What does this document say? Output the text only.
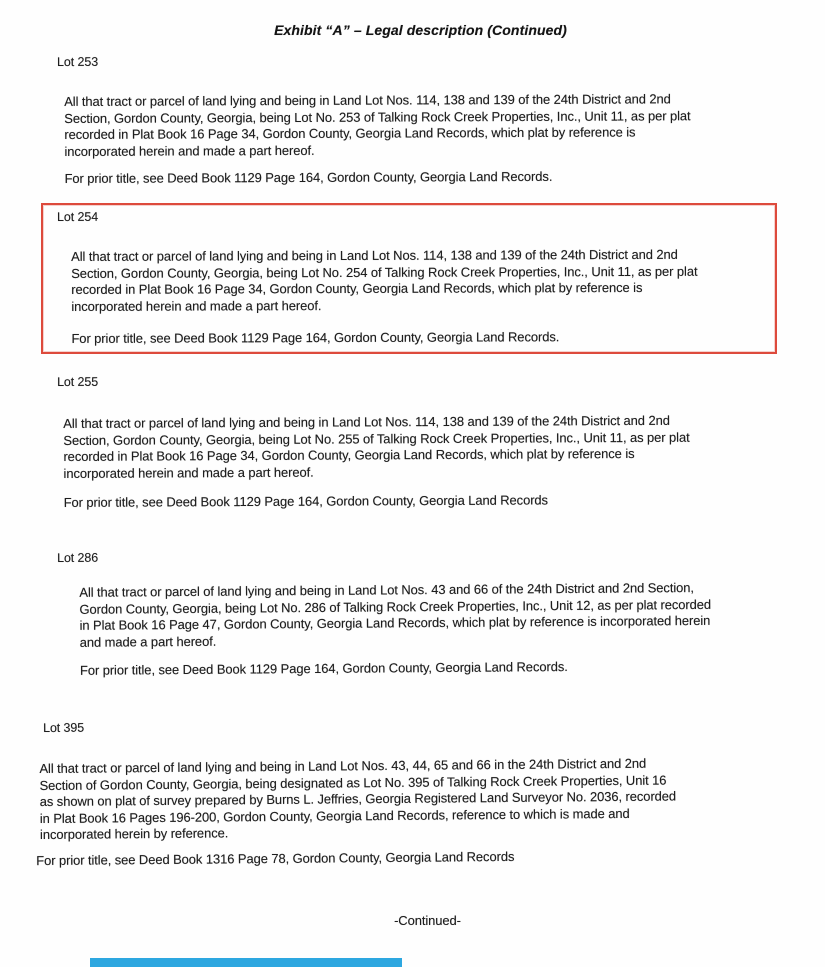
Exhibit “A” – Legal description (Continued)
Lot 253
All that tract or parcel of land lying and being in Land Lot Nos. 114, 138 and 139 of the 24th District and 2nd
Section, Gordon County, Georgia, being Lot No. 253 of Talking Rock Creek Properties, Inc., Unit 11, as per plat
recorded in Plat Book 16 Page 34, Gordon County, Georgia Land Records, which plat by reference is
incorporated herein and made a part hereof.
For prior title, see Deed Book 1129 Page 164, Gordon County, Georgia Land Records.
Lot 254
All that tract or parcel of land lying and being in Land Lot Nos. 114, 138 and 139 of the 24th District and 2nd
Section, Gordon County, Georgia, being Lot No. 254 of Talking Rock Creek Properties, Inc., Unit 11, as per plat
recorded in Plat Book 16 Page 34, Gordon County, Georgia Land Records, which plat by reference is
incorporated herein and made a part hereof.
For prior title, see Deed Book 1129 Page 164, Gordon County, Georgia Land Records.
Lot 255
All that tract or parcel of land lying and being in Land Lot Nos. 114, 138 and 139 of the 24th District and 2nd
Section, Gordon County, Georgia, being Lot No. 255 of Talking Rock Creek Properties, Inc., Unit 11, as per plat
recorded in Plat Book 16 Page 34, Gordon County, Georgia Land Records, which plat by reference is
incorporated herein and made a part hereof.
For prior title, see Deed Book 1129 Page 164, Gordon County, Georgia Land Records
Lot 286
All that tract or parcel of land lying and being in Land Lot Nos. 43 and 66 of the 24th District and 2nd Section,
Gordon County, Georgia, being Lot No. 286 of Talking Rock Creek Properties, Inc., Unit 12, as per plat recorded
in Plat Book 16 Page 47, Gordon County, Georgia Land Records, which plat by reference is incorporated herein
and made a part hereof.
For prior title, see Deed Book 1129 Page 164, Gordon County, Georgia Land Records.
Lot 395
All that tract or parcel of land lying and being in Land Lot Nos. 43, 44, 65 and 66 in the 24th District and 2nd
Section of Gordon County, Georgia, being designated as Lot No. 395 of Talking Rock Creek Properties, Unit 16
as shown on plat of survey prepared by Burns L. Jeffries, Georgia Registered Land Surveyor No. 2036, recorded
in Plat Book 16 Pages 196-200, Gordon County, Georgia Land Records, reference to which is made and
incorporated herein by reference.
For prior title, see Deed Book 1316 Page 78, Gordon County, Georgia Land Records
-Continued-
